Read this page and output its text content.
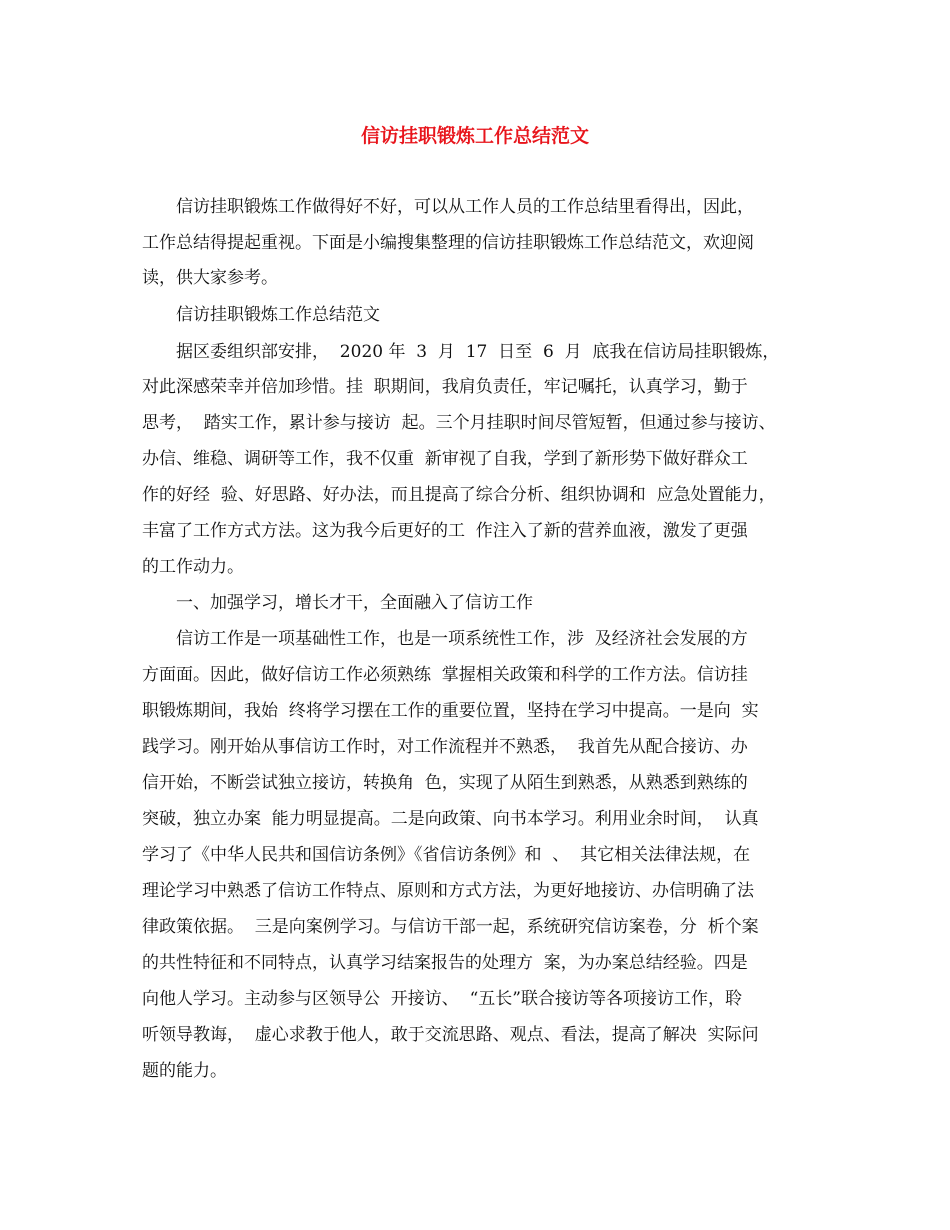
信访挂职锻炼工作总结范文

信访挂职锻炼工作做得好不好，可以从工作人员的工作总结里看得出，因此，

工作总结得提起重视。下面是小编搜集整理的信访挂职锻炼工作总结范文，欢迎阅

读，供大家参考。

信访挂职锻炼工作总结范文

据区委组织部安排，  2020 年  3  月  17  日至  6  月  底我在信访局挂职锻炼，

对此深感荣幸并倍加珍惜。挂  职期间，我肩负责任，牢记嘱托，认真学习，勤于

思考，  踏实工作，累计参与接访  起。三个月挂职时间尽管短暂，但通过参与接访、

办信、维稳、调研等工作，我不仅重  新审视了自我，学到了新形势下做好群众工

作的好经  验、好思路、好办法，而且提高了综合分析、组织协调和  应急处置能力，

丰富了工作方式方法。这为我今后更好的工  作注入了新的营养血液，激发了更强

的工作动力。

一、加强学习，增长才干，全面融入了信访工作

信访工作是一项基础性工作，也是一项系统性工作，涉  及经济社会发展的方

方面面。因此，做好信访工作必须熟练  掌握相关政策和科学的工作方法。信访挂

职锻炼期间，我始  终将学习摆在工作的重要位置，坚持在学习中提高。一是向  实

践学习。刚开始从事信访工作时，对工作流程并不熟悉，  我首先从配合接访、办

信开始，不断尝试独立接访，转换角  色，实现了从陌生到熟悉，从熟悉到熟练的

突破，独立办案  能力明显提高。二是向政策、向书本学习。利用业余时间，  认真

学习了《中华人民共和国信访条例》《省信访条例》和  、  其它相关法律法规，在

理论学习中熟悉了信访工作特点、原则和方式方法，为更好地接访、办信明确了法

律政策依据。  三是向案例学习。与信访干部一起，系统研究信访案卷，分  析个案

的共性特征和不同特点，认真学习结案报告的处理方  案，为办案总结经验。四是

向他人学习。主动参与区领导公  开接访、  “五长”联合接访等各项接访工作，聆

听领导教诲，  虚心求教于他人，敢于交流思路、观点、看法，提高了解决  实际问

题的能力。
